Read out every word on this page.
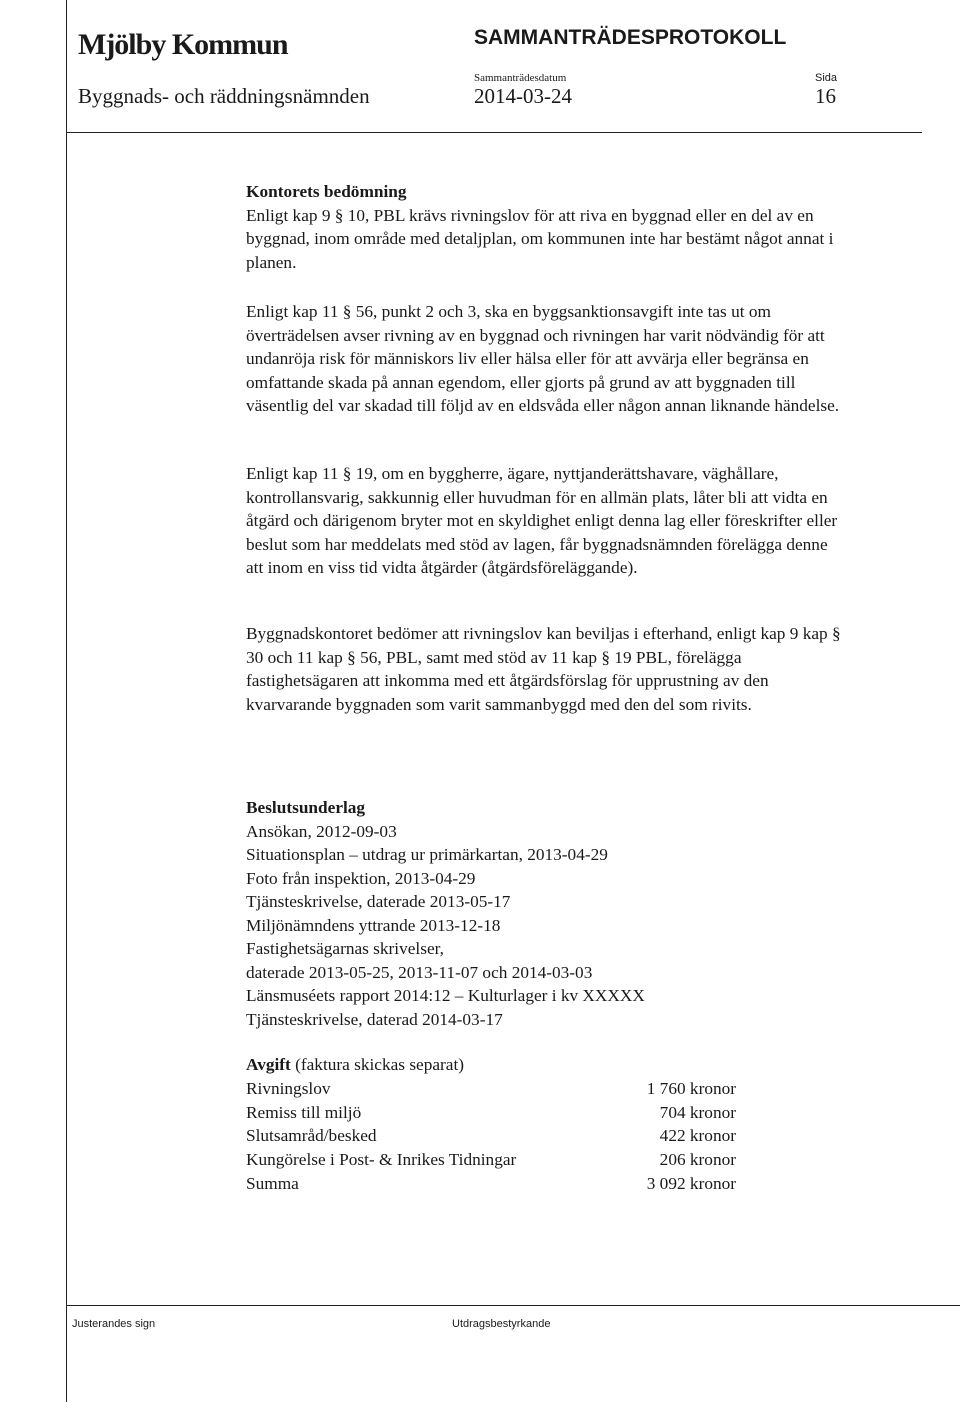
Mjölby Kommun	SAMMANTRÄDESPROTOKOLL
Sammanträdesdatum	Sida
Byggnads- och räddningsnämnden	2014-03-24	16

Kontorets bedömning

Enligt kap 9 § 10, PBL krävs rivningslov för att riva en byggnad eller en del av en byggnad, inom område med detaljplan, om kommunen inte har bestämt något annat i planen.

Enligt kap 11 § 56, punkt 2 och 3, ska en byggsanktionsavgift inte tas ut om överträdelsen avser rivning av en byggnad och rivningen har varit nödvändig för att undanröja risk för människors liv eller hälsa eller för att avvärja eller begränsa en omfattande skada på annan egendom, eller gjorts på grund av att byggnaden till väsentlig del var skadad till följd av en eldsvåda eller någon annan liknande händelse.

Enligt kap 11 § 19, om en byggherre, ägare, nyttjanderättshavare, väghållare, kontrollansvarig, sakkunnig eller huvudman för en allmän plats, låter bli att vidta en åtgärd och därigenom bryter mot en skyldighet enligt denna lag eller föreskrifter eller beslut som har meddelats med stöd av lagen, får byggnadsnämnden förelägga denne att inom en viss tid vidta åtgärder (åtgärdsföreläggande).

Byggnadskontoret bedömer att rivningslov kan beviljas i efterhand, enligt kap 9 kap § 30 och 11 kap § 56, PBL, samt med stöd av 11 kap § 19 PBL, förelägga fastighetsägaren att inkomma med ett åtgärdsförslag för upprustning av den kvarvarande byggnaden som varit sammanbyggd med den del som rivits.

Beslutsunderlag

Ansökan, 2012-09-03

Situationsplan – utdrag ur primärkartan, 2013-04-29

Foto från inspektion, 2013-04-29

Tjänsteskrivelse, daterade 2013-05-17

Miljönämndens yttrande 2013-12-18

Fastighetsägarnas skrivelser,

daterade 2013-05-25, 2013-11-07 och 2014-03-03

Länsmuséets rapport 2014:12 – Kulturlager i kv XXXXX

Tjänsteskrivelse, daterad 2014-03-17

Avgift (faktura skickas separat)
Rivningslov	1 760 kronor
Remiss till miljö	704 kronor
Slutsamråd/besked	422 kronor
Kungörelse i Post- & Inrikes Tidningar	206 kronor
Summa	3 092 kronor
Justerandes sign	Utdragsbestyrkande
